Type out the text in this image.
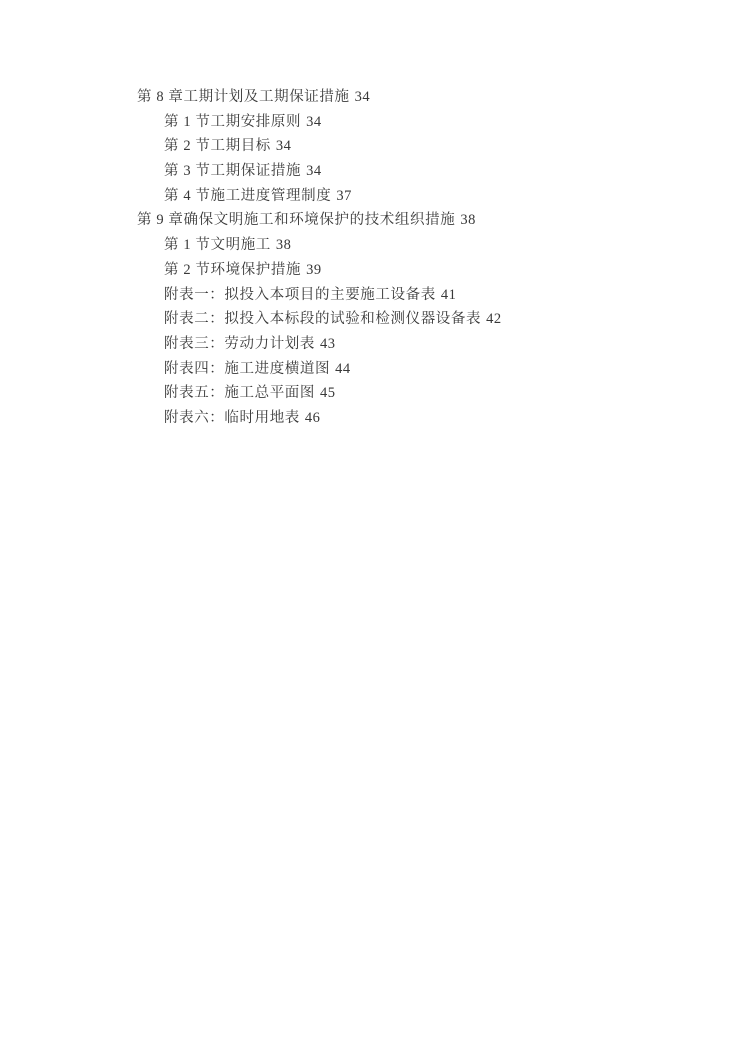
第 8 章工期计划及工期保证措施 34
第 1 节工期安排原则 34
第 2 节工期目标 34
第 3 节工期保证措施 34
第 4 节施工进度管理制度 37
第 9 章确保文明施工和环境保护的技术组织措施 38
第 1 节文明施工 38
第 2 节环境保护措施 39
附表一：拟投入本项目的主要施工设备表 41
附表二：拟投入本标段的试验和检测仪器设备表 42
附表三：劳动力计划表 43
附表四：施工进度横道图 44
附表五：施工总平面图 45
附表六：临时用地表 46
